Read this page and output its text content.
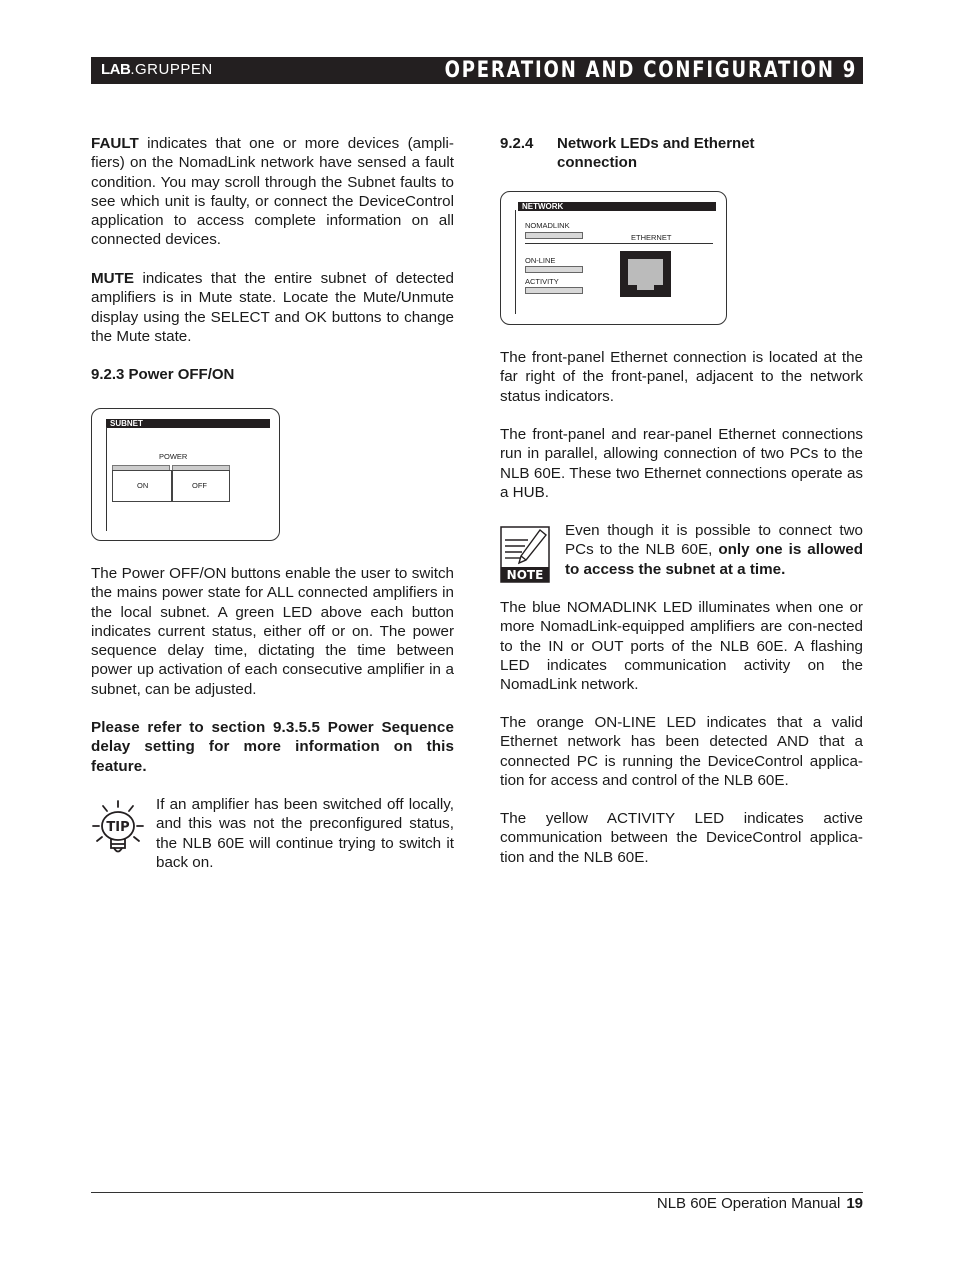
LAB.GRUPPEN	OPERATION AND CONFIGURATION 9

FAULT indicates that one or more devices (ampli-fiers) on the NomadLink network have sensed a fault condition. You may scroll through the Subnet faults to see which unit is faulty, or connect the DeviceControl application to access complete information on all connected devices.

MUTE indicates that the entire subnet of detected amplifiers is in Mute state. Locate the Mute/Unmute display using the SELECT and OK buttons to change the Mute state.

9.2.3 Power OFF/ON
SUBNET
POWER
ON	OFF
The Power OFF/ON buttons enable the user to switch the mains power state for ALL connected amplifiers in the local subnet. A green LED above each button indicates current status, either off or on. The power sequence delay time, dictating the time between power up activation of each consecutive amplifier in a subnet, can be adjusted.
Please refer to section 9.3.5.5 Power Sequence delay setting for more information on this feature.
TIP
If an amplifier has been switched off locally, and this was not the preconfigured status, the NLB 60E will continue trying to switch it back on.
9.2.4 Network LEDs and Ethernet connection
NETWORK
NOMADLINK
ETHERNET
ON-LINE
ACTIVITY
The front-panel Ethernet connection is located at the far right of the front-panel, adjacent to the network status indicators.
The front-panel and rear-panel Ethernet connections run in parallel, allowing connection of two PCs to the NLB 60E. These two Ethernet connections operate as a HUB.
NOTE
Even though it is possible to connect two PCs to the NLB 60E, only one is allowed to access the subnet at a time.
The blue NOMADLINK LED illuminates when one or more NomadLink-equipped amplifiers are con-nected to the IN or OUT ports of the NLB 60E. A flashing LED indicates communication activity on the NomadLink network.
The orange ON-LINE LED indicates that a valid Ethernet network has been detected AND that a connected PC is running the DeviceControl applica-tion for access and control of the NLB 60E.
The yellow ACTIVITY LED indicates active communication between the DeviceControl applica-tion and the NLB 60E.
NLB 60E Operation Manual 19
